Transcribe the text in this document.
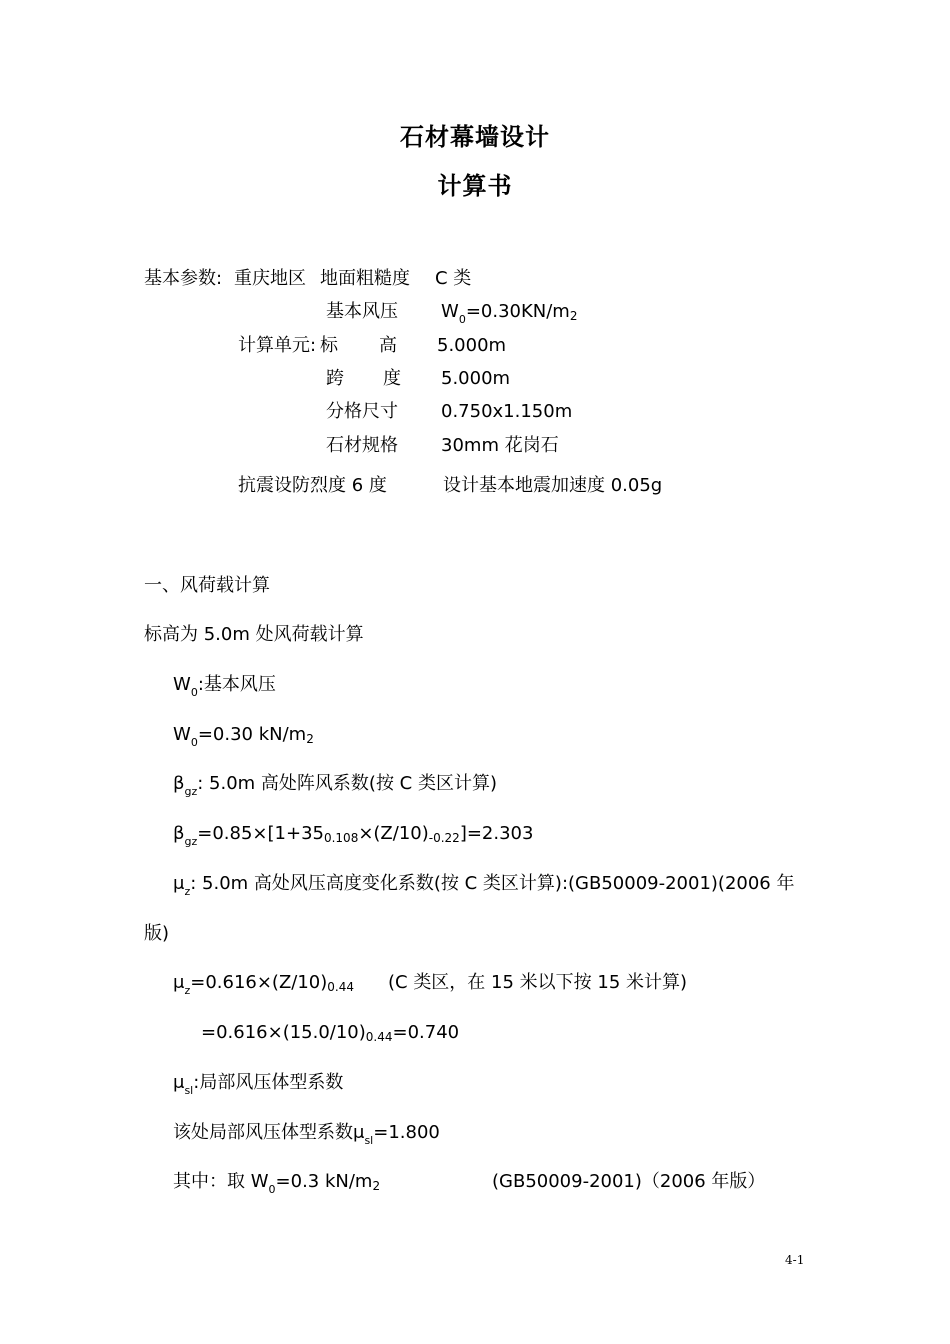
石材幕墙设计
计算书
基本参数: 重庆地区 地面粗糙度 C 类
基本风压 $W_0=0.30KN/m2$
计算单元: 标 高 5.000m
跨 度 5.000m
分格尺寸 0.750x1.150m
石材规格 30mm 花岗石
抗震设防烈度 6 度	设计基本地震加速度 0.05g
一、风荷载计算
标高为 5.0m 处风荷载计算
$W_0$:基本风压
$W_0=0.30$ kN/m2
$\beta_{gz}$: 5.0m 高处阵风系数(按 C 类区计算)
$\beta_{gz}=0.85\times[1+350.108\times(Z/10)-0.22]=2.303$
$\mu_z$: 5.0m 高处风压高度变化系数(按 C 类区计算):(GB50009-2001)(2006 年
版)
$\mu_z=0.616\times(Z/10)0.44$ (C 类区，在 15 米以下按 15 米计算)
=0.616×(15.0/10)0.44=0.740
$\mu_{sl}$:局部风压体型系数
该处局部风压体型系数$\mu_{sl}=1.800$
其中：取 $W_0=0.3$ kN/m2	(GB50009-2001)（2006 年版）
4-1
